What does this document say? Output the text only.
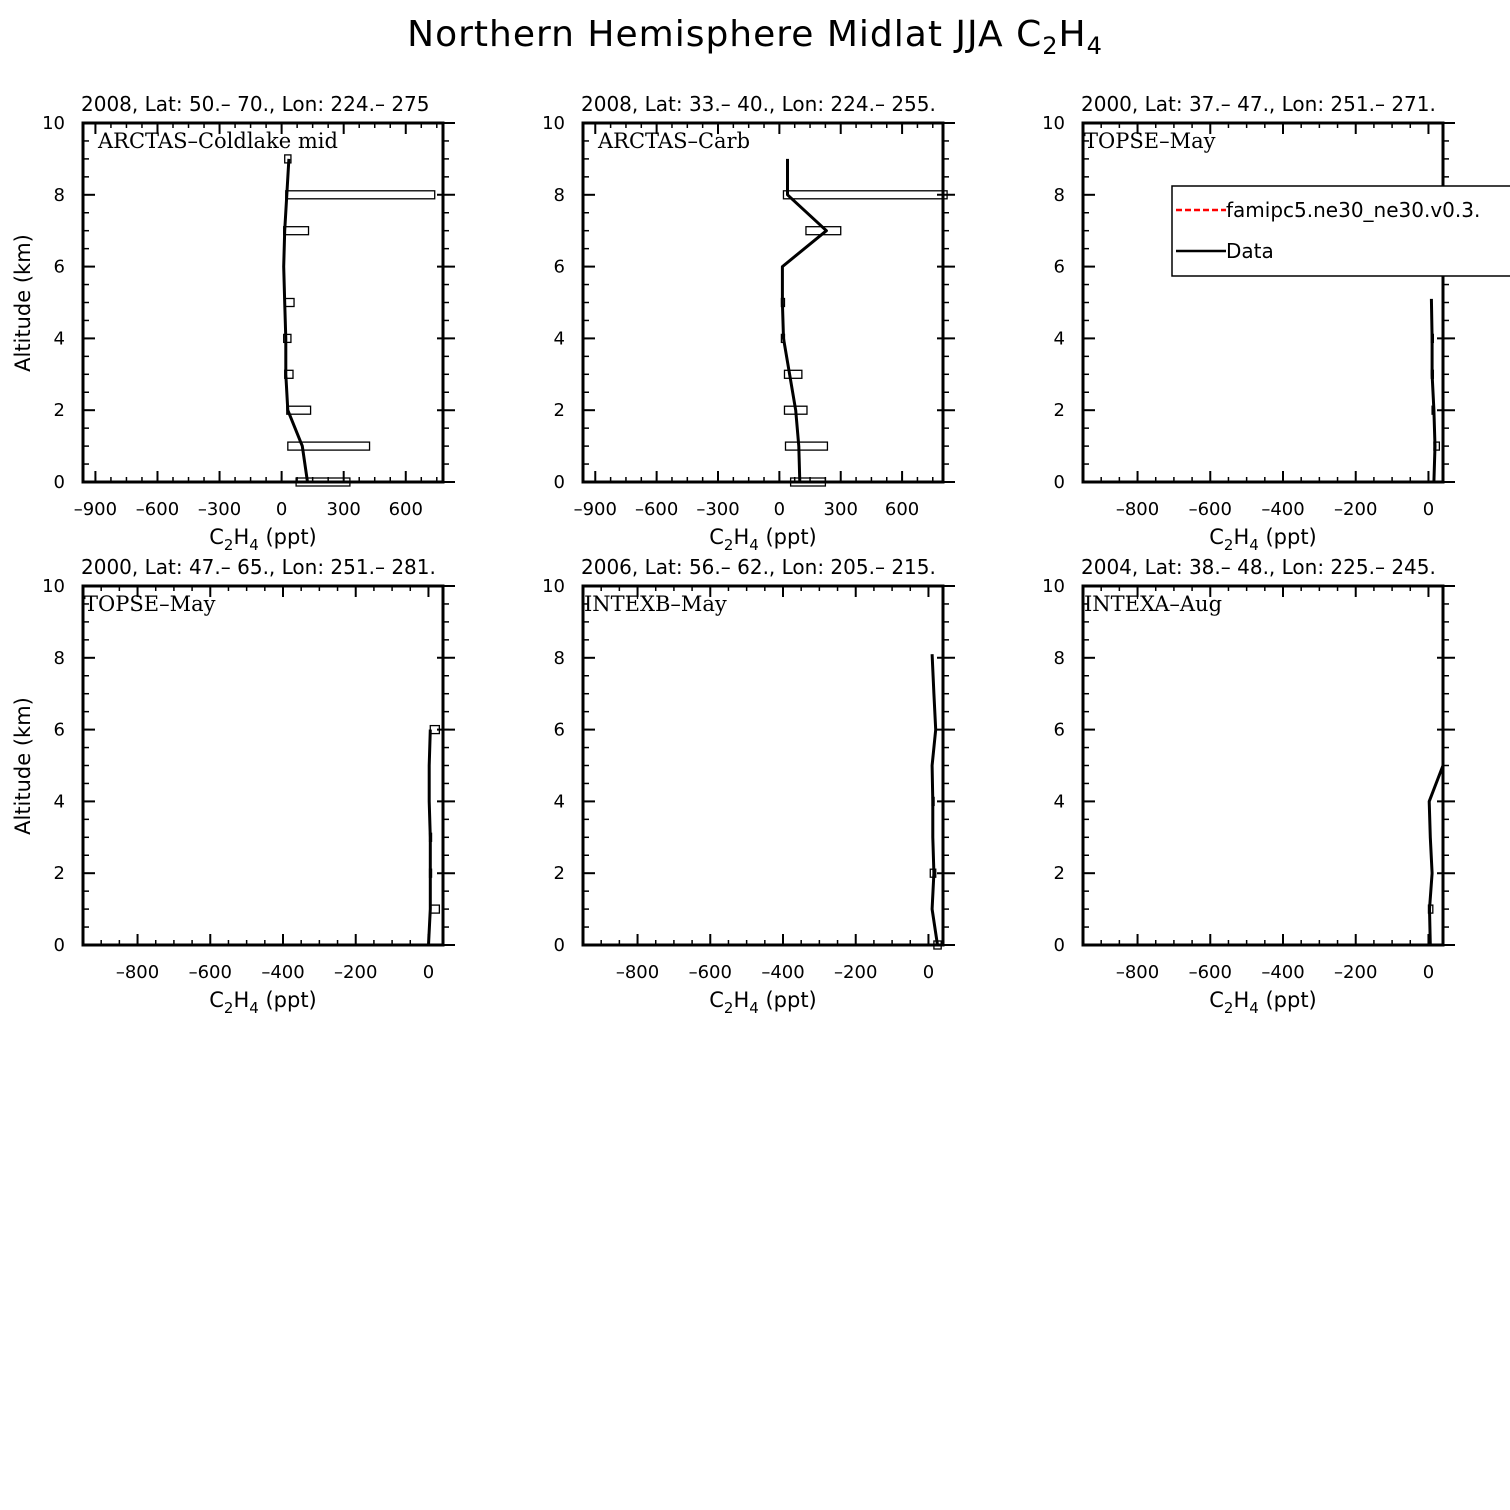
Northern Hemisphere Midlat JJA $C_2H_4$
2008, Lat: 50.– 70., Lon: 224.– 275
0
2
4
6
8
10
–900 –600 –300 0 300 600
ARCTAS–Coldlake mid
$C_2H_4$ (ppt)
Altitude (km)
2008, Lat: 33.– 40., Lon: 224.– 255.
0
2
4
6
8
10
–900 –600 –300 0 300 600
ARCTAS–Carb
$C_2H_4$ (ppt)
2000, Lat: 37.– 47., Lon: 251.– 271.
0
2
4
6
8
10
–800 –600 –400 –200	0
TOPSE–May
$C_2H_4$ (ppt)
famipc5.ne30_ne30.v0.3.
Data
2000, Lat: 47.– 65., Lon: 251.– 281.
0
2
4
6
8
10
–800 –600 –400 –200	0
TOPSE–May
$C_2H_4$ (ppt)
Altitude (km)
2006, Lat: 56.– 62., Lon: 205.– 215.
0
2
4
6
8
10
–800 –600 –400 –200	0
INTEXB–May
$C_2H_4$ (ppt)
2004, Lat: 38.– 48., Lon: 225.– 245.
0
2
4
6
8
10
–800 –600 –400 –200	0
INTEXA–Aug
$C_2H_4$ (ppt)
